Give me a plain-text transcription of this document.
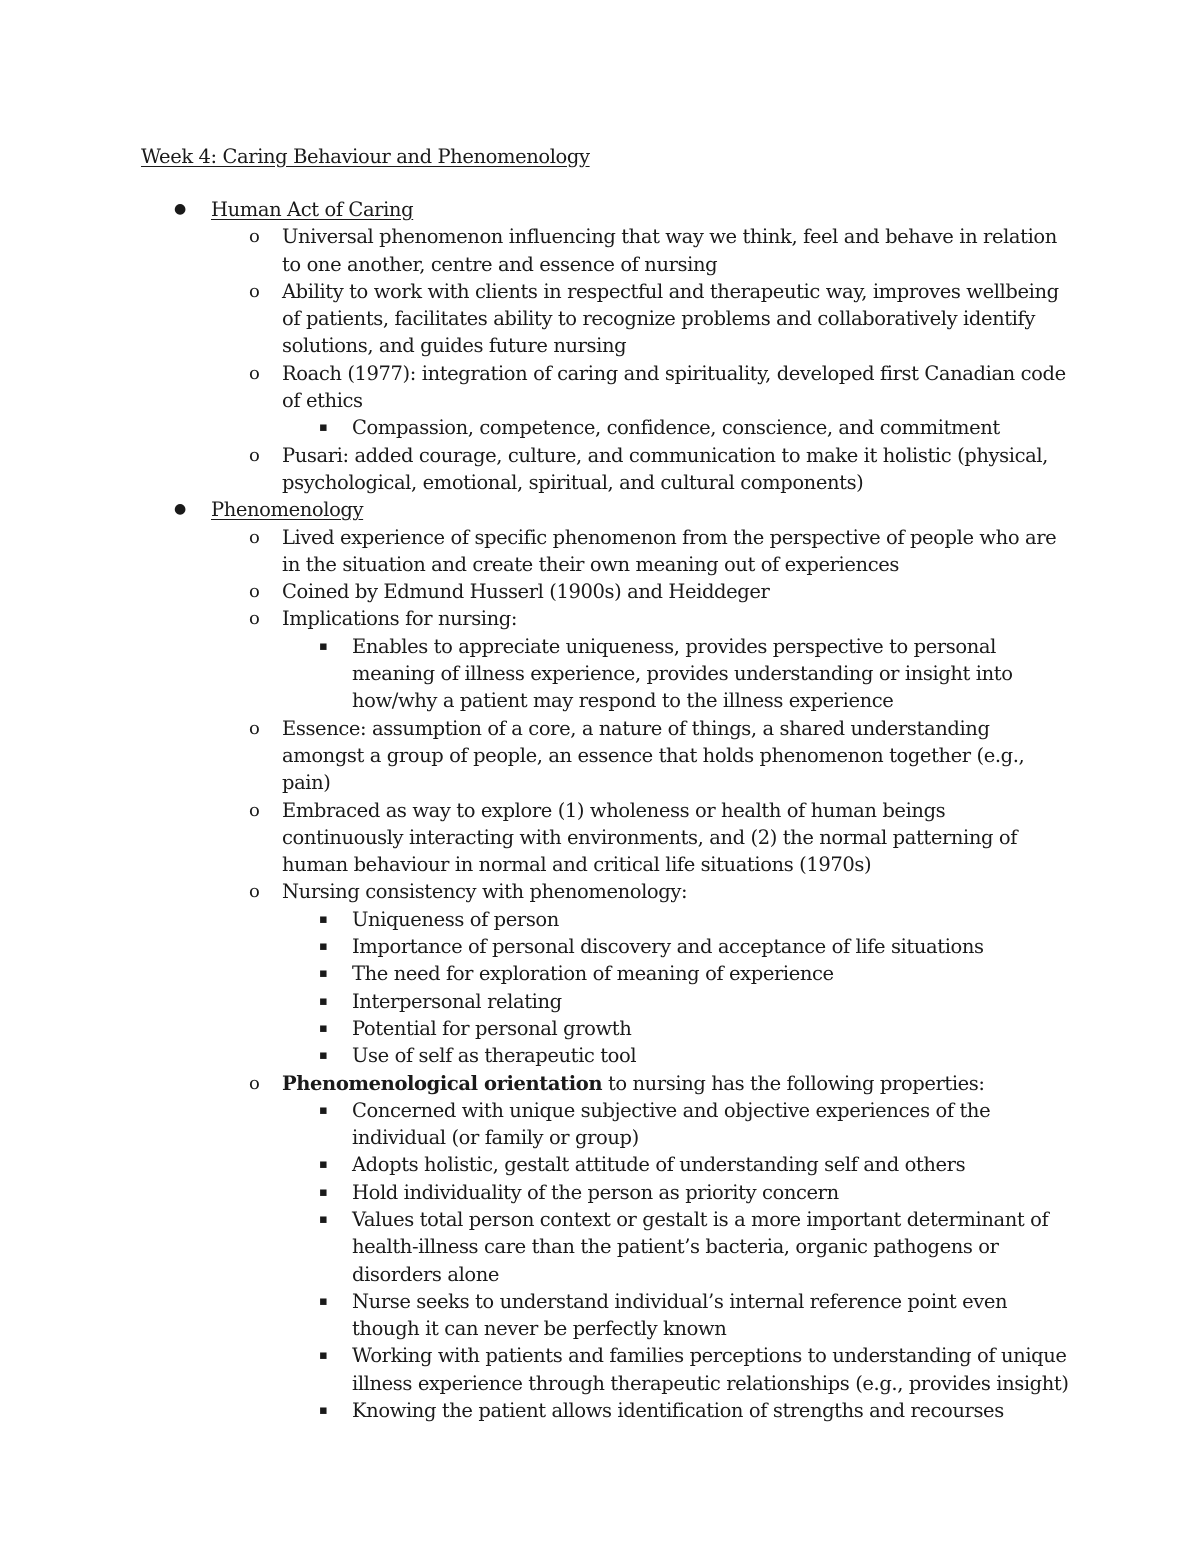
Week 4: Caring Behaviour and Phenomenology
● Human Act of Caring
o Universal phenomenon influencing that way we think, feel and behave in relation to one another, centre and essence of nursing
o Ability to work with clients in respectful and therapeutic way, improves wellbeing of patients, facilitates ability to recognize problems and collaboratively identify solutions, and guides future nursing
o Roach (1977): integration of caring and spirituality, developed first Canadian code of ethics
▪ Compassion, competence, confidence, conscience, and commitment
o Pusari: added courage, culture, and communication to make it holistic (physical, psychological, emotional, spiritual, and cultural components)
● Phenomenology
o Lived experience of specific phenomenon from the perspective of people who are in the situation and create their own meaning out of experiences
o Coined by Edmund Husserl (1900s) and Heiddeger
o Implications for nursing:
▪ Enables to appreciate uniqueness, provides perspective to personal meaning of illness experience, provides understanding or insight into how/why a patient may respond to the illness experience
o Essence: assumption of a core, a nature of things, a shared understanding amongst a group of people, an essence that holds phenomenon together (e.g., pain)
o Embraced as way to explore (1) wholeness or health of human beings continuously interacting with environments, and (2) the normal patterning of human behaviour in normal and critical life situations (1970s)
o Nursing consistency with phenomenology:
▪ Uniqueness of person
▪ Importance of personal discovery and acceptance of life situations
▪ The need for exploration of meaning of experience
▪ Interpersonal relating
▪ Potential for personal growth
▪ Use of self as therapeutic tool
o Phenomenological orientation to nursing has the following properties:
▪ Concerned with unique subjective and objective experiences of the individual (or family or group)
▪ Adopts holistic, gestalt attitude of understanding self and others
▪ Hold individuality of the person as priority concern
▪ Values total person context or gestalt is a more important determinant of health-illness care than the patient’s bacteria, organic pathogens or disorders alone
▪ Nurse seeks to understand individual’s internal reference point even though it can never be perfectly known
▪ Working with patients and families perceptions to understanding of unique illness experience through therapeutic relationships (e.g., provides insight)
▪ Knowing the patient allows identification of strengths and recourses
